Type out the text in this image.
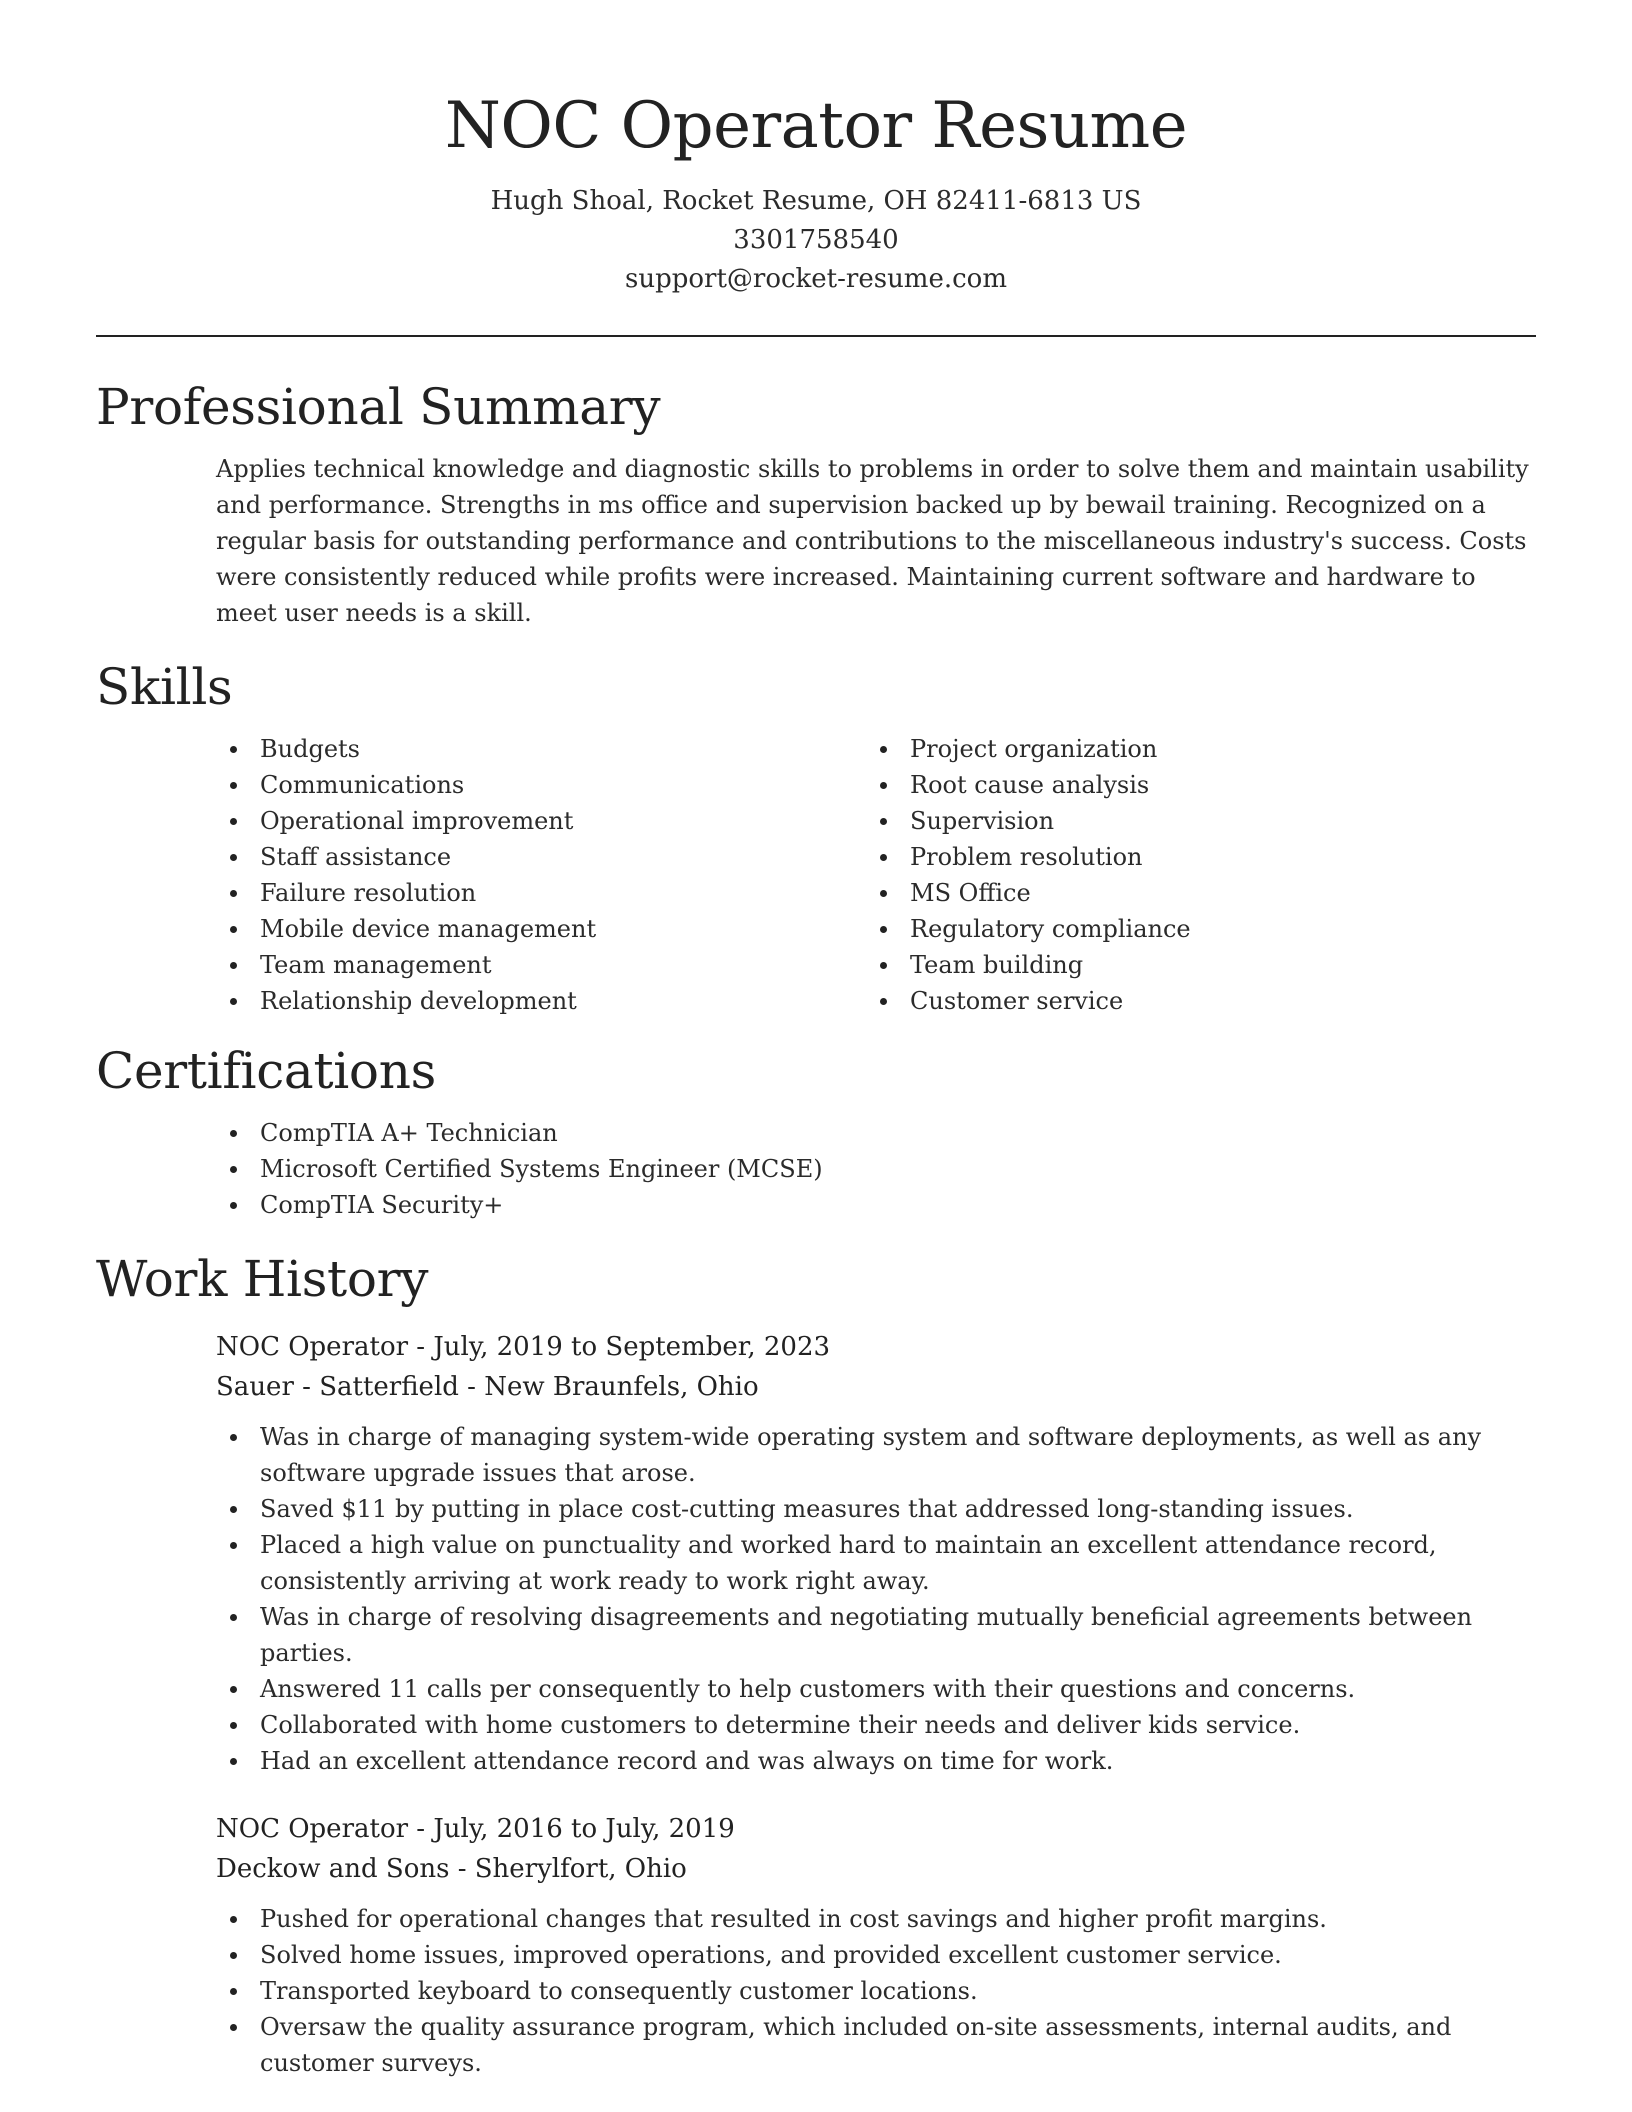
NOC Operator Resume
Hugh Shoal, Rocket Resume, OH 82411-6813 US
3301758540
support@rocket-resume.com
Professional Summary

Applies technical knowledge and diagnostic skills to problems in order to solve them and maintain usability and performance. Strengths in ms office and supervision backed up by bewail training. Recognized on a regular basis for outstanding performance and contributions to the miscellaneous industry's success. Costs were consistently reduced while profits were increased. Maintaining current software and hardware to meet user needs is a skill.

Skills
Budgets
Communications
Operational improvement
Staff assistance
Failure resolution
Mobile device management
Team management
Relationship development
Project organization
Root cause analysis
Supervision
Problem resolution
MS Office
Regulatory compliance
Team building
Customer service
Certifications
CompTIA A+ Technician
Microsoft Certified Systems Engineer (MCSE)
CompTIA Security+
Work History
NOC Operator - July, 2019 to September, 2023
Sauer - Satterfield - New Braunfels, Ohio
Was in charge of managing system-wide operating system and software deployments, as well as any software upgrade issues that arose.
Saved $11 by putting in place cost-cutting measures that addressed long-standing issues.
Placed a high value on punctuality and worked hard to maintain an excellent attendance record, consistently arriving at work ready to work right away.
Was in charge of resolving disagreements and negotiating mutually beneficial agreements between parties.
Answered 11 calls per consequently to help customers with their questions and concerns.
Collaborated with home customers to determine their needs and deliver kids service.
Had an excellent attendance record and was always on time for work.
NOC Operator - July, 2016 to July, 2019
Deckow and Sons - Sherylfort, Ohio
Pushed for operational changes that resulted in cost savings and higher profit margins.
Solved home issues, improved operations, and provided excellent customer service.
Transported keyboard to consequently customer locations.
Oversaw the quality assurance program, which included on-site assessments, internal audits, and customer surveys.
